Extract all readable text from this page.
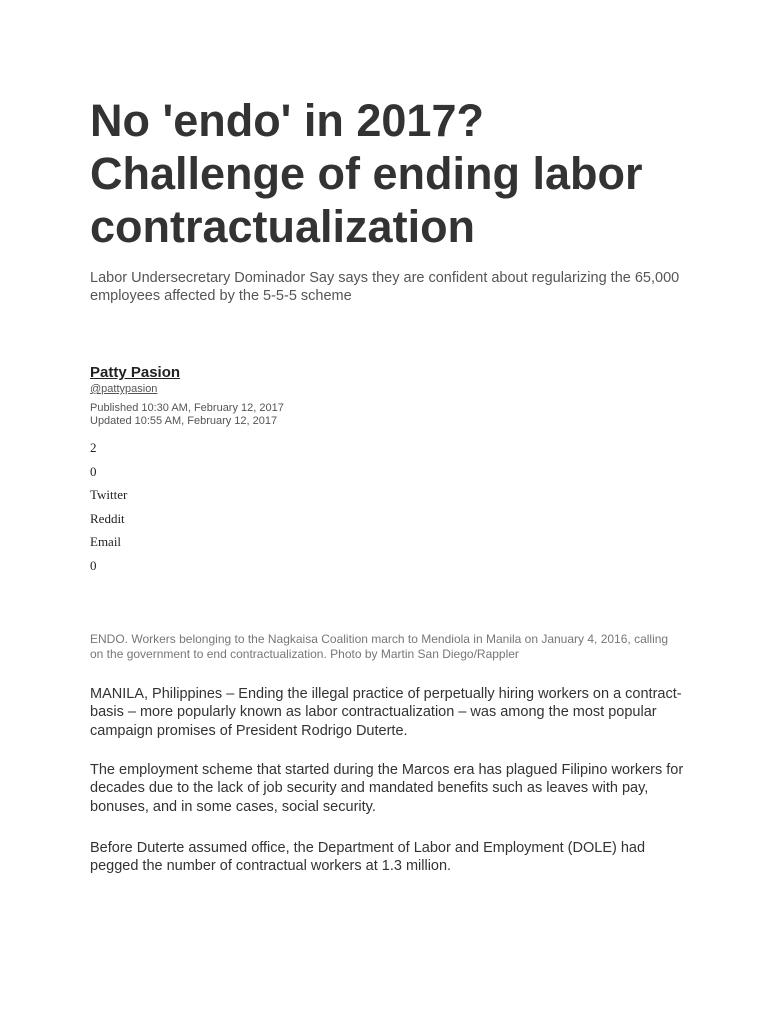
No 'endo' in 2017? Challenge of ending labor contractualization

Labor Undersecretary Dominador Say says they are confident about regularizing the 65,000 employees affected by the 5-5-5 scheme

Patty Pasion
@pattypasion
Published 10:30 AM, February 12, 2017
Updated 10:55 AM, February 12, 2017
2
0
Twitter
Reddit
Email
0

ENDO. Workers belonging to the Nagkaisa Coalition march to Mendiola in Manila on January 4, 2016, calling on the government to end contractualization. Photo by Martin San Diego/Rappler

MANILA, Philippines – Ending the illegal practice of perpetually hiring workers on a contract-basis – more popularly known as labor contractualization – was among the most popular campaign promises of President Rodrigo Duterte.

The employment scheme that started during the Marcos era has plagued Filipino workers for decades due to the lack of job security and mandated benefits such as leaves with pay, bonuses, and in some cases, social security.

Before Duterte assumed office, the Department of Labor and Employment (DOLE) had pegged the number of contractual workers at 1.3 million.
